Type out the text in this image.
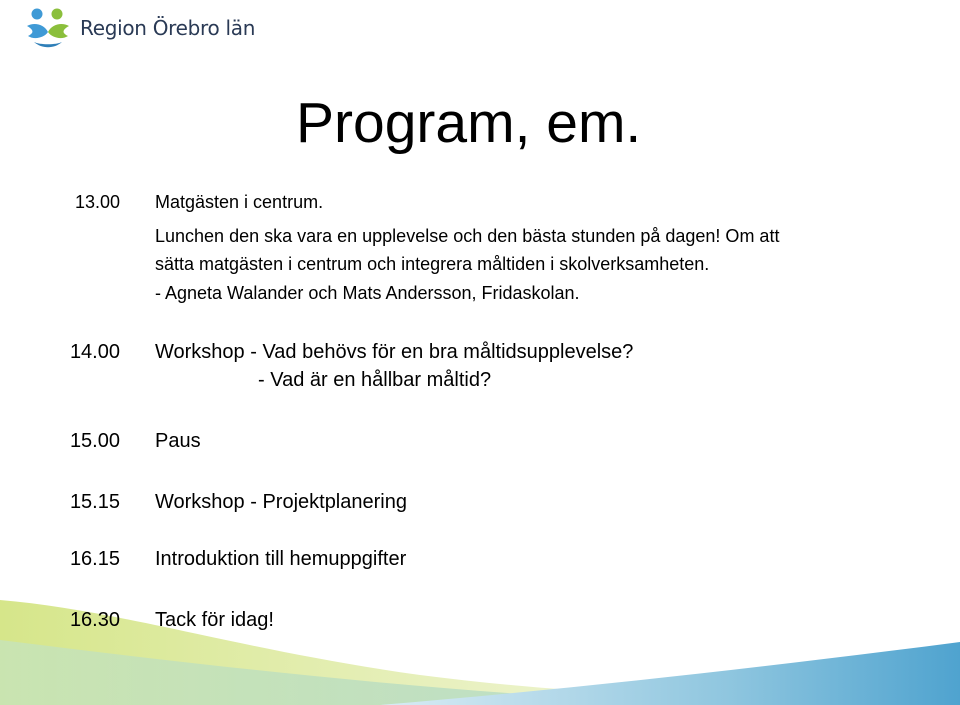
Region Örebro län
Program, em.
13.00 Matgästen i centrum.
Lunchen den ska vara en upplevelse och den bästa stunden på dagen! Om att
sätta matgästen i centrum och integrera måltiden i skolverksamheten.
- Agneta Walander och Mats Andersson, Fridaskolan.
14.00 Workshop - Vad behövs för en bra måltidsupplevelse?
- Vad är en hållbar måltid?
15.00 Paus
15.15 Workshop - Projektplanering
16.15 Introduktion till hemuppgifter
16.30 Tack för idag!
